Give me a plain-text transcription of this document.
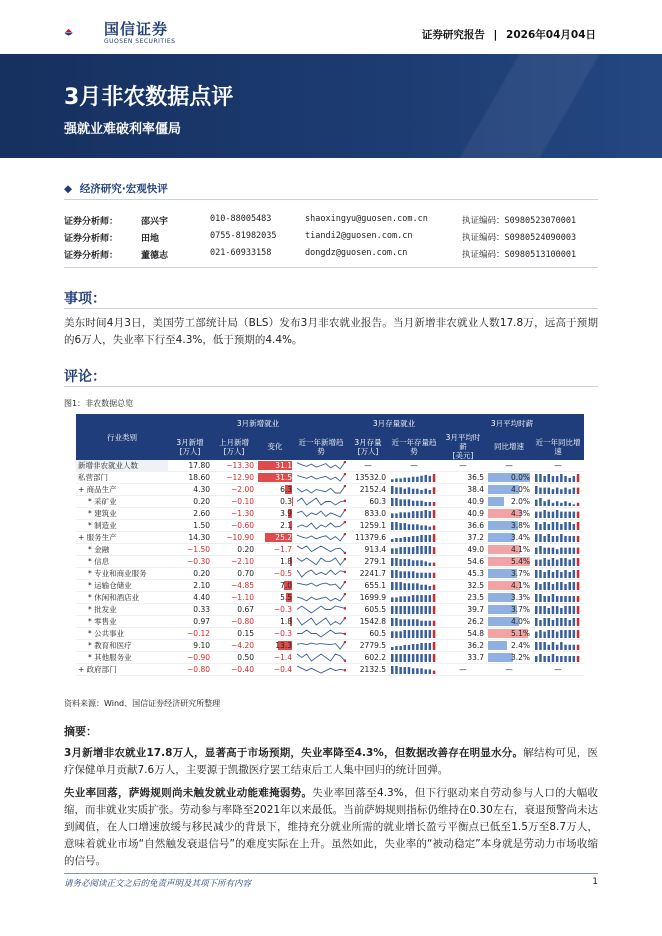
国信证券
GUOSEN SECURITIES
证券研究报告 | 2026年04月04日
3月非农数据点评
强就业难破利率僵局
◆ 经济研究·宏观快评
证券分析师：	邵兴宇	010-88005483	shaoxingyu@guosen.com.cn	执证编码：S0980523070001
证券分析师：	田地	0755-81982035	tiandi2@guosen.com.cn	执证编码：S0980524090003
证券分析师：	董德志	021-60933158	dongdz@guosen.com.cn	执证编码：S0980513100001
事项：
美东时间4月3日，美国劳工部统计局（BLS）发布3月非农就业报告。当月新增非农就业人数17.8万，远高于预期的6万人，失业率下行至4.3%，低于预期的4.4%。
评论：
图1：非农数据总览
行业类别	3月新增就业				3月存量就业		3月平均时薪		
	3月新增
[万人]	上月新增
[万人]	变化	近一年新增趋势	3月存量
[万人]	近一年存量趋势	3月平均时薪
[美元]	同比增速	近一年同比增速
新增非农就业人数	17.80	−13.30	31.1		—	—	—	—	—

私营部门	18.60	−12.90	31.5		13532.0		36.5	0.0%

+ 商品生产	4.30	−2.00	6.3		2152.4		38.4	4.0%

* 采矿业	0.20	−0.10	0.3		60.3		40.9	2.0%

* 建筑业	2.60	−1.30	3.9		833.0		40.9	4.3%

* 制造业	1.50	−0.60	2.1		1259.1		36.6	3.8%

+ 服务生产	14.30	−10.90	25.2		11379.6		37.2	3.4%

* 金融	−1.50	0.20	−1.7		913.4		49.0	4.1%

* 信息	−0.30	−2.10	1.8		279.1		54.6	5.4%

* 专业和商业服务	0.20	0.70	−0.5		2241.7		45.3	3.7%

* 运输仓储业	2.10	−4.85	7.0		655.1		32.5	4.1%

* 休闲和酒店业	4.40	−1.10	5.5		1699.9		23.5	3.3%

* 批发业	0.33	0.67	−0.3		605.5		39.7	3.7%

* 零售业	0.97	−0.80	1.8		1542.8		26.2	4.0%

* 公共事业	−0.12	0.15	−0.3		60.5		54.8	5.1%

* 教育和医疗	9.10	−4.20	13.3		2779.5		36.2	2.4%

* 其他服务业	−0.90	0.50	−1.4		602.2		33.7	3.2%

+ 政府部门	−0.80	−0.40	−0.4		2132.5		—	—	—
资料来源：Wind、国信证券经济研究所整理
摘要：
3月新增非农就业17.8万人，显著高于市场预期，失业率降至4.3%，但数据改善存在明显水分。解结构可见，医疗保健单月贡献7.6万人，主要源于凯撒医疗罢工结束后工人集中回归的统计回弹。
失业率回落，萨姆规则尚未触发就业动能难掩弱势。失业率回落至4.3%，但下行驱动来自劳动参与人口的大幅收缩，而非就业实质扩张。劳动参与率降至2021年以来最低。当前萨姆规则指标仍维持在0.30左右，衰退预警尚未达到阈值，在人口增速放缓与移民减少的背景下，维持充分就业所需的就业增长盈亏平衡点已低至1.5万至8.7万人，意味着就业市场“自然触发衰退信号”的难度实际在上升。虽然如此，失业率的“被动稳定”本身就是劳动力市场收缩的信号。
请务必阅读正文之后的免责声明及其项下所有内容	1
